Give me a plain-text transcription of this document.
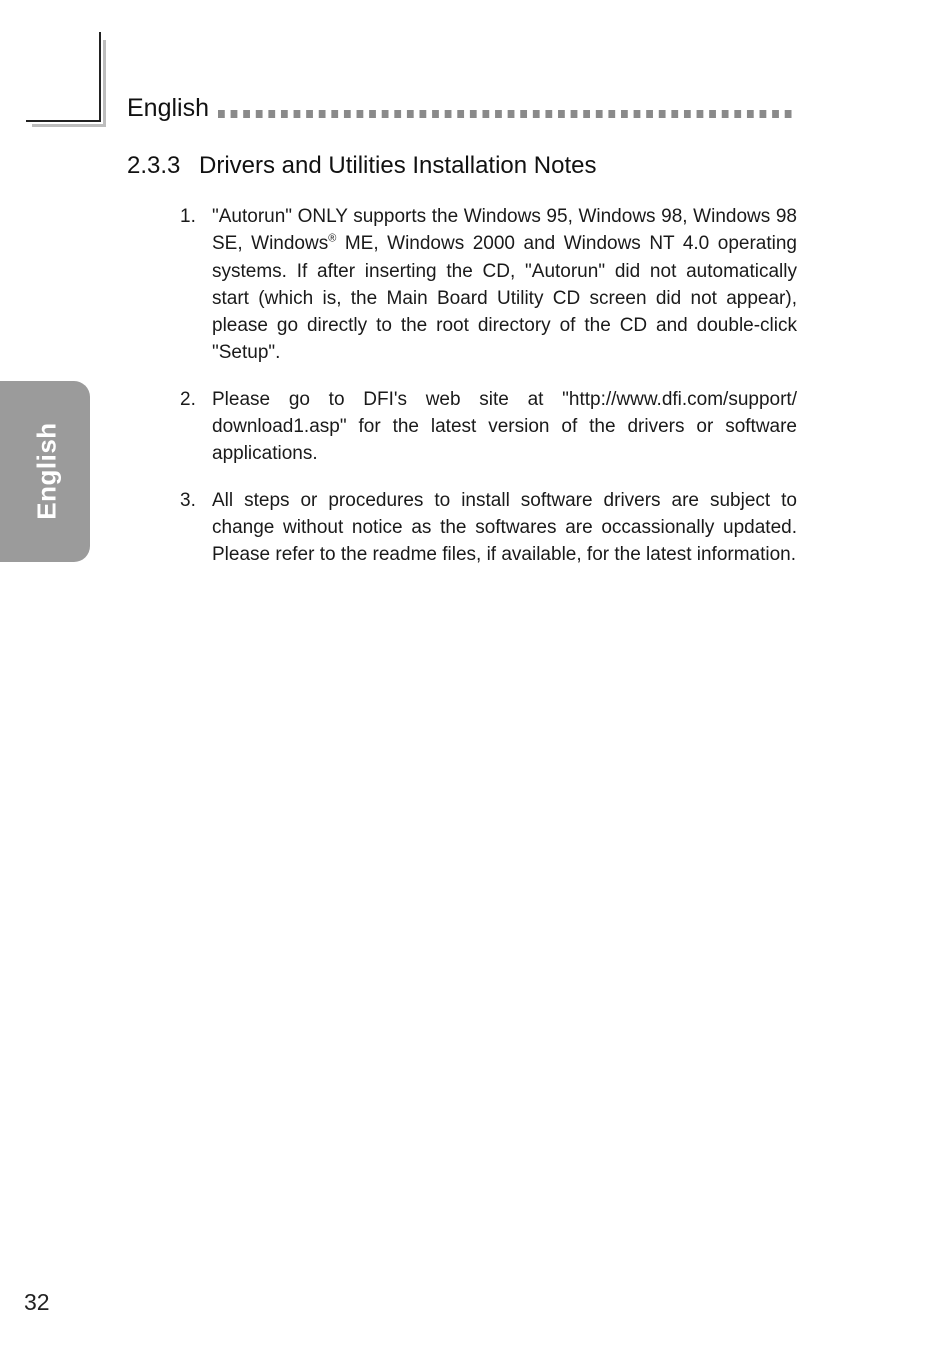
English
English
2.3.3 Drivers and Utilities Installation Notes
1. "Autorun" ONLY supports the Windows 95, Windows 98, Windows 98 SE, Windows® ME, Windows 2000 and Windows NT 4.0 operating systems. If after inserting the CD, "Autorun" did not automatically start (which is, the Main Board Utility CD screen did not appear), please go directly to the root directory of the CD and double-click "Setup".
2. Please go to DFI's web site at "http://www.dfi.com/support/ download1.asp" for the latest version of the drivers or software applications.
3. All steps or procedures to install software drivers are subject to change without notice as the softwares are occassionally updated. Please refer to the readme files, if available, for the latest information.
32
